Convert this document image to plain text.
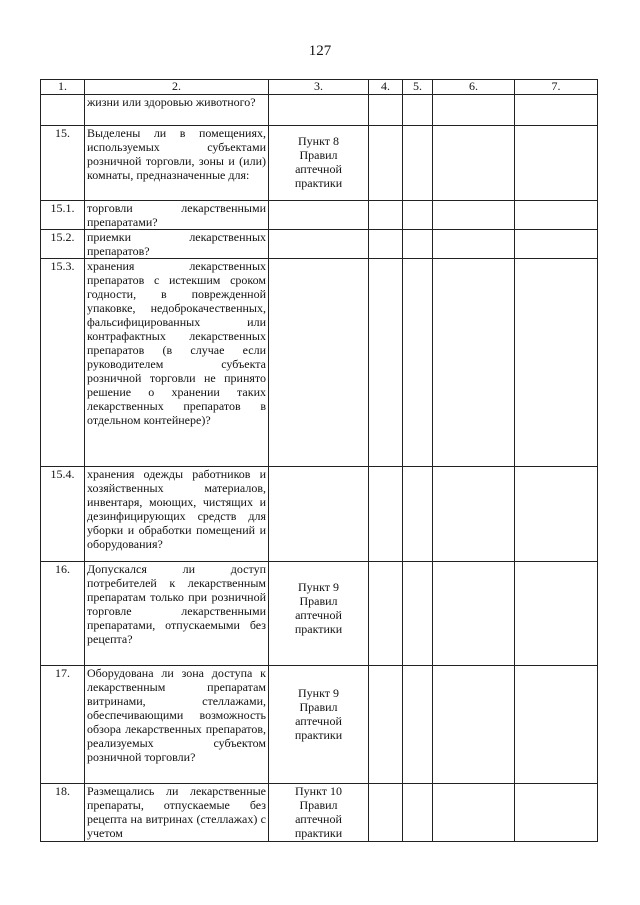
127
1.	2.	3.	4.	5.	6.	7.
	жизни или здоровью животного?					
15.	Выделены ли в помещениях, используемых субъектами розничной торговли, зоны и (или) комнаты, предназначенные для:	Пункт 8 Правил аптечной практики				
15.1.	торговли лекарственными препаратами?					
15.2.	приемки лекарственных препаратов?					
15.3.	хранения лекарственных препаратов с истекшим сроком годности, в поврежденной упаковке, недоброкачественных, фальсифицированных или контрафактных лекарственных препаратов (в случае если руководителем субъекта розничной торговли не принято решение о хранении таких лекарственных препаратов в отдельном контейнере)?					
15.4.	хранения одежды работников и хозяйственных материалов, инвентаря, моющих, чистящих и дезинфицирующих средств для уборки и обработки помещений и оборудования?					
16.	Допускался ли доступ потребителей к лекарственным препаратам только при розничной торговле лекарственными препаратами, отпускаемыми без рецепта?	Пункт 9 Правил аптечной практики				
17.	Оборудована ли зона доступа к лекарственным препаратам витринами, стеллажами, обеспечивающими возможность обзора лекарственных препаратов, реализуемых субъектом розничной торговли?	Пункт 9 Правил аптечной практики				
18.	Размещались ли лекарственные препараты, отпускаемые без рецепта на витринах (стеллажах) с учетом	Пункт 10 Правил аптечной практики				
